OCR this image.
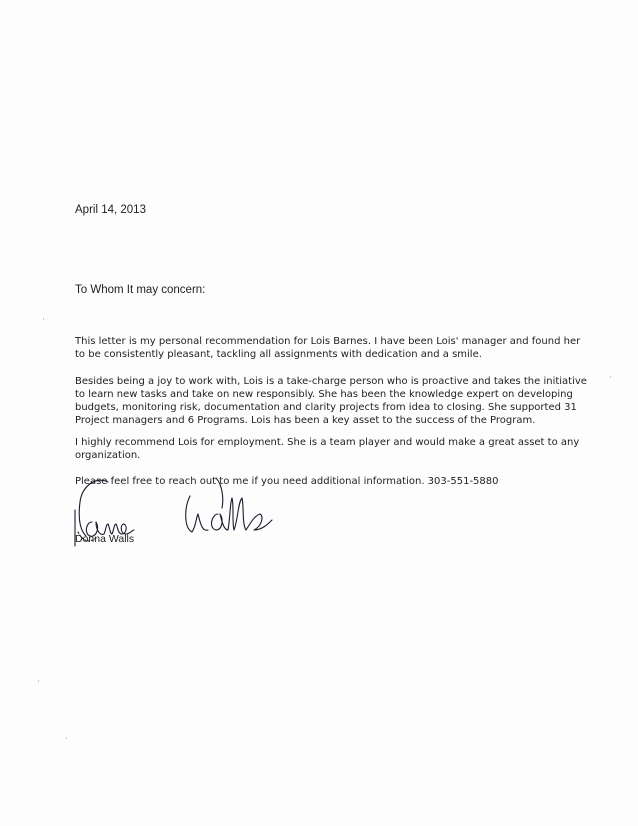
April 14, 2013
To Whom It may concern:

This letter is my personal recommendation for Lois Barnes. I have been Lois' manager and found her
to be consistently pleasant, tackling all assignments with dedication and a smile.

Besides being a joy to work with, Lois is a take-charge person who is proactive and takes the initiative
to learn new tasks and take on new responsibly. She has been the knowledge expert on developing
budgets, monitoring risk, documentation and clarity projects from idea to closing. She supported 31
Project managers and 6 Programs. Lois has been a key asset to the success of the Program.

I highly recommend Lois for employment. She is a team player and would make a great asset to any
organization.

Please feel free to reach out to me if you need additional information. 303-551-5880

Donna Walls
